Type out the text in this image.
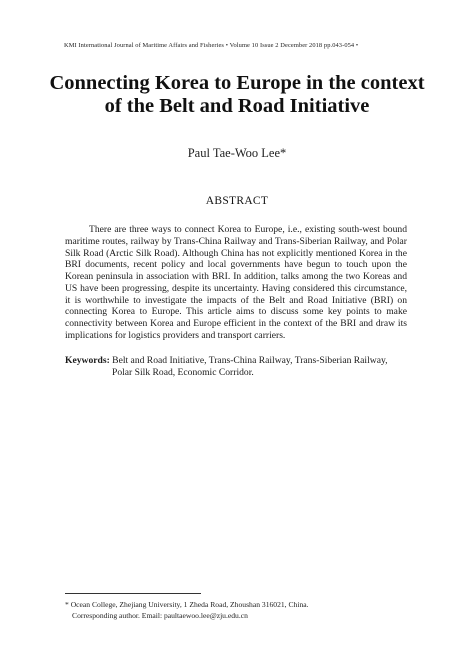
KMI International Journal of Maritime Affairs and Fisheries • Volume 10 Issue 2 December 2018 pp.043-054 •
Connecting Korea to Europe in the context
of the Belt and Road Initiative
Paul Tae-Woo Lee*
ABSTRACT

There are three ways to connect Korea to Europe, i.e., existing south-west bound maritime routes, railway by Trans-China Railway and Trans-Siberian Railway, and Polar Silk Road (Arctic Silk Road). Although China has not explicitly mentioned Korea in the BRI documents, recent policy and local governments have begun to touch upon the Korean peninsula in association with BRI. In addition, talks among the two Koreas and US have been progressing, despite its uncertainty. Having considered this circumstance, it is worthwhile to investigate the impacts of the Belt and Road Initiative (BRI) on connecting Korea to Europe. This article aims to discuss some key points to make connectivity between Korea and Europe efficient in the context of the BRI and draw its implications for logistics providers and transport carriers.

Keywords: Belt and Road Initiative, Trans-China Railway, Trans-Siberian Railway,
Polar Silk Road, Economic Corridor.
* Ocean College, Zhejiang University, 1 Zheda Road, Zhoushan 316021, China.
Corresponding author. Email: paultaewoo.lee@zju.edu.cn
